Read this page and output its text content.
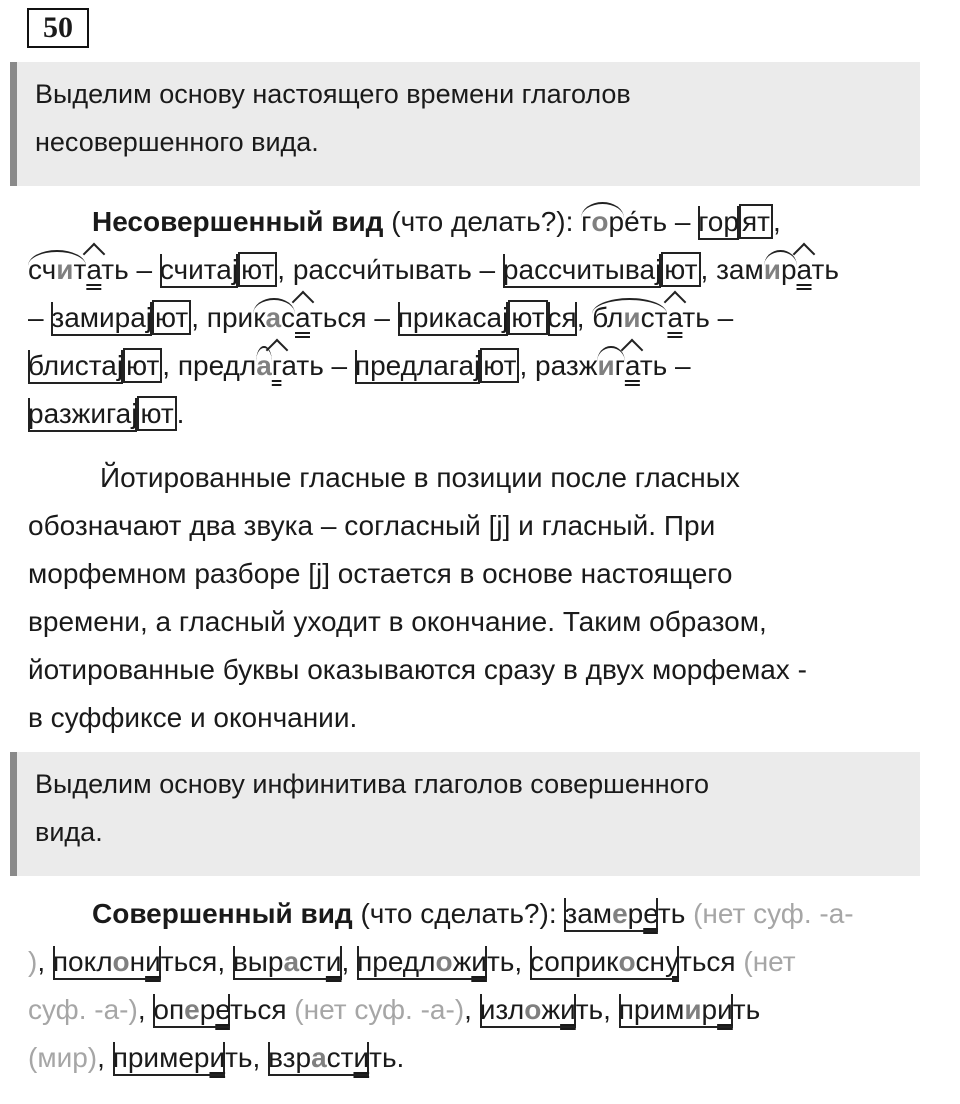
50
Выделим основу настоящего времени глаголов
несовершенного вида.
Несовершенный вид (что делать?): горе́ть – гор ят ,
считать – считај ют , рассчи́тывать – рассчитываj ют , замирать
– замираj ют , прикасаться – прикасаj ют ся, блистать –
блистаj ют , предлагать – предлагаj ют , разжигать –
разжигаj ют .
Йотированные гласные в позиции после гласных
обозначают два звука – согласный [j] и гласный. При
морфемном разборе [j] остается в основе настоящего
времени, а гласный уходит в окончание. Таким образом,
йотированные буквы оказываются сразу в двух морфемах -
в суффиксе и окончании.
Выделим основу инфинитива глаголов совершенного
вида.
Совершенный вид (что сделать?): замереть (нет суф. -а-
), поклониться, вырасти, предложить, соприкоснуться (нет
суф. -а-), опереться (нет суф. -а-), изложить, примирить
(мир), примерить, взрастить.
